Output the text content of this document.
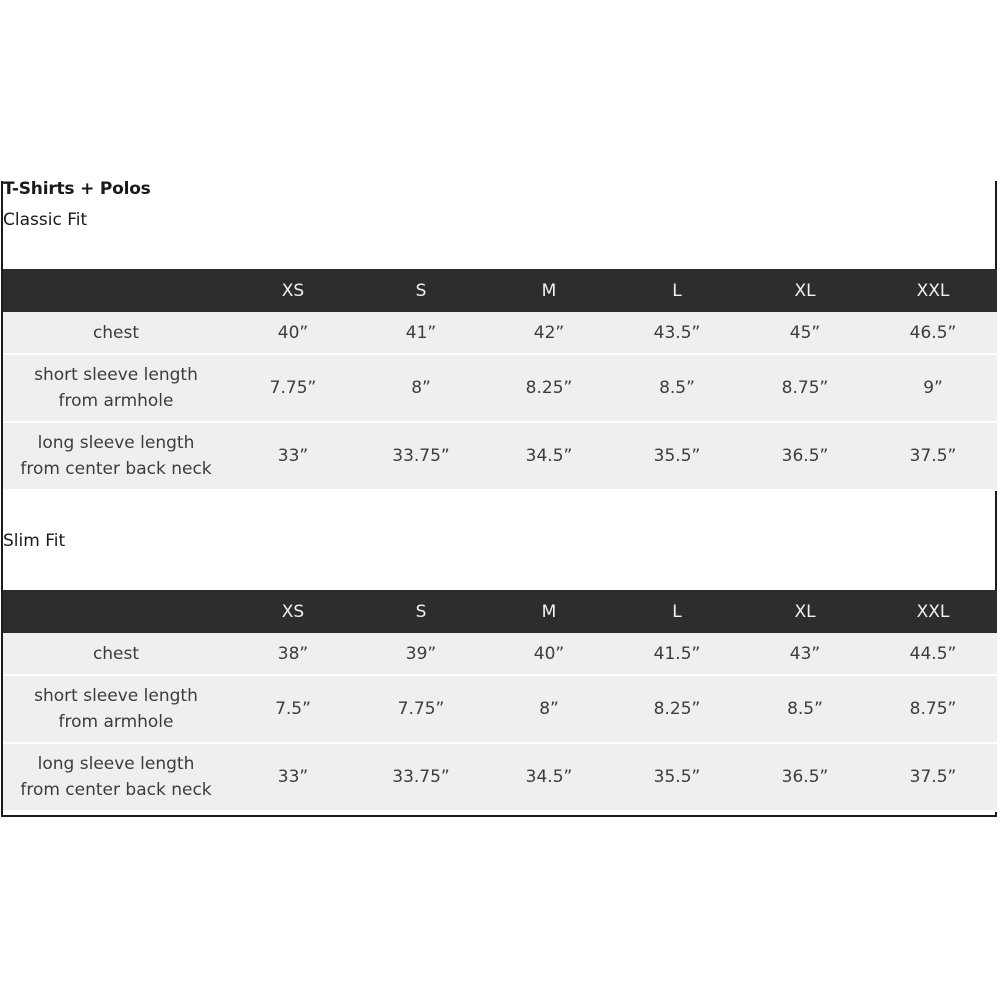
T-Shirts + Polos
Classic Fit
	XS	S	M	L	XL	XXL

chest	40”	41”	42”	43.5”	45”	46.5”

short sleeve length
from armhole	7.75”	8”	8.25”	8.5”	8.75”	9”

long sleeve length
from center back neck	33”	33.75”	34.5”	35.5”	36.5”	37.5”
Slim Fit
	XS	S	M	L	XL	XXL

chest	38”	39”	40”	41.5”	43”	44.5”

short sleeve length
from armhole	7.5”	7.75”	8”	8.25”	8.5”	8.75”

long sleeve length
from center back neck	33”	33.75”	34.5”	35.5”	36.5”	37.5”
